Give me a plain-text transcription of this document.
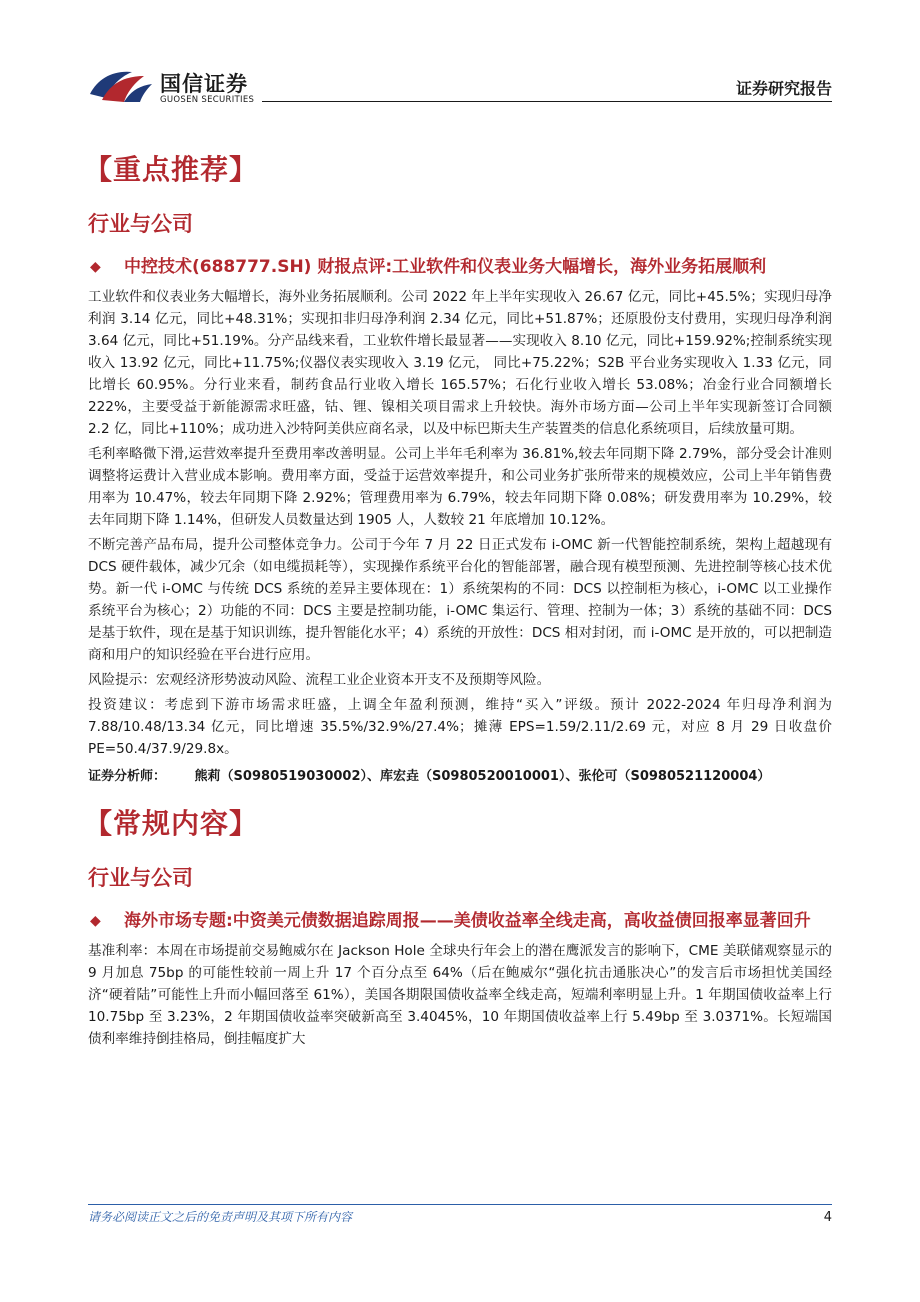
国信证券
GUOSEN SECURITIES
证券研究报告
【重点推荐】
行业与公司
◆	中控技术(688777.SH) 财报点评:工业软件和仪表业务大幅增长，海外业务拓展顺利

工业软件和仪表业务大幅增长，海外业务拓展顺利。公司 2022 年上半年实现收入 26.67 亿元，同比+45.5%；实现归母净利润 3.14 亿元，同比+48.31%；实现扣非归母净利润 2.34 亿元，同比+51.87%；还原股份支付费用，实现归母净利润 3.64 亿元，同比+51.19%。分产品线来看，工业软件增长最显著——实现收入 8.10 亿元，同比+159.92%;控制系统实现收入 13.92 亿元，同比+11.75%;仪器仪表实现收入 3.19 亿元， 同比+75.22%；S2B 平台业务实现收入 1.33 亿元，同比增长 60.95%。分行业来看，制药食品行业收入增长 165.57%；石化行业收入增长 53.08%；冶金行业合同额增长 222%，主要受益于新能源需求旺盛，钴、锂、镍相关项目需求上升较快。海外市场方面—公司上半年实现新签订合同额 2.2 亿，同比+110%；成功进入沙特阿美供应商名录，以及中标巴斯夫生产装置类的信息化系统项目，后续放量可期。

毛利率略微下滑,运营效率提升至费用率改善明显。公司上半年毛利率为 36.81%,较去年同期下降 2.79%，部分受会计准则调整将运费计入营业成本影响。费用率方面，受益于运营效率提升，和公司业务扩张所带来的规模效应，公司上半年销售费用率为 10.47%，较去年同期下降 2.92%；管理费用率为 6.79%，较去年同期下降 0.08%；研发费用率为 10.29%，较去年同期下降 1.14%，但研发人员数量达到 1905 人，人数较 21 年底增加 10.12%。

不断完善产品布局，提升公司整体竞争力。公司于今年 7 月 22 日正式发布 i-OMC 新一代智能控制系统，架构上超越现有 DCS 硬件载体，减少冗余（如电缆损耗等），实现操作系统平台化的智能部署，融合现有模型预测、先进控制等核心技术优势。新一代 i-OMC 与传统 DCS 系统的差异主要体现在：1）系统架构的不同：DCS 以控制柜为核心，i-OMC 以工业操作系统平台为核心；2）功能的不同：DCS 主要是控制功能，i-OMC 集运行、管理、控制为一体；3）系统的基础不同：DCS 是基于软件，现在是基于知识训练，提升智能化水平；4）系统的开放性：DCS 相对封闭，而 i-OMC 是开放的，可以把制造商和用户的知识经验在平台进行应用。

风险提示：宏观经济形势波动风险、流程工业企业资本开支不及预期等风险。

投资建议：考虑到下游市场需求旺盛，上调全年盈利预测，维持“买入”评级。预计 2022-2024 年归母净利润为 7.88/10.48/13.34 亿元，同比增速 35.5%/32.9%/27.4%；摊薄 EPS=1.59/2.11/2.69 元，对应 8 月 29 日收盘价 PE=50.4/37.9/29.8x。

证券分析师： 熊莉（S0980519030002）、库宏垚（S0980520010001）、张伦可（S0980521120004）
【常规内容】
行业与公司
◆	海外市场专题:中资美元债数据追踪周报——美债收益率全线走高，高收益债回报率显著回升

基准利率：本周在市场提前交易鲍威尔在 Jackson Hole 全球央行年会上的潜在鹰派发言的影响下，CME 美联储观察显示的 9 月加息 75bp 的可能性较前一周上升 17 个百分点至 64%（后在鲍威尔“强化抗击通胀决心”的发言后市场担忧美国经济“硬着陆”可能性上升而小幅回落至 61%），美国各期限国债收益率全线走高，短端利率明显上升。1 年期国债收益率上行 10.75bp 至 3.23%，2 年期国债收益率突破新高至 3.4045%，10 年期国债收益率上行 5.49bp 至 3.0371%。长短端国债利率维持倒挂格局，倒挂幅度扩大

请务必阅读正文之后的免责声明及其项下所有内容	4
